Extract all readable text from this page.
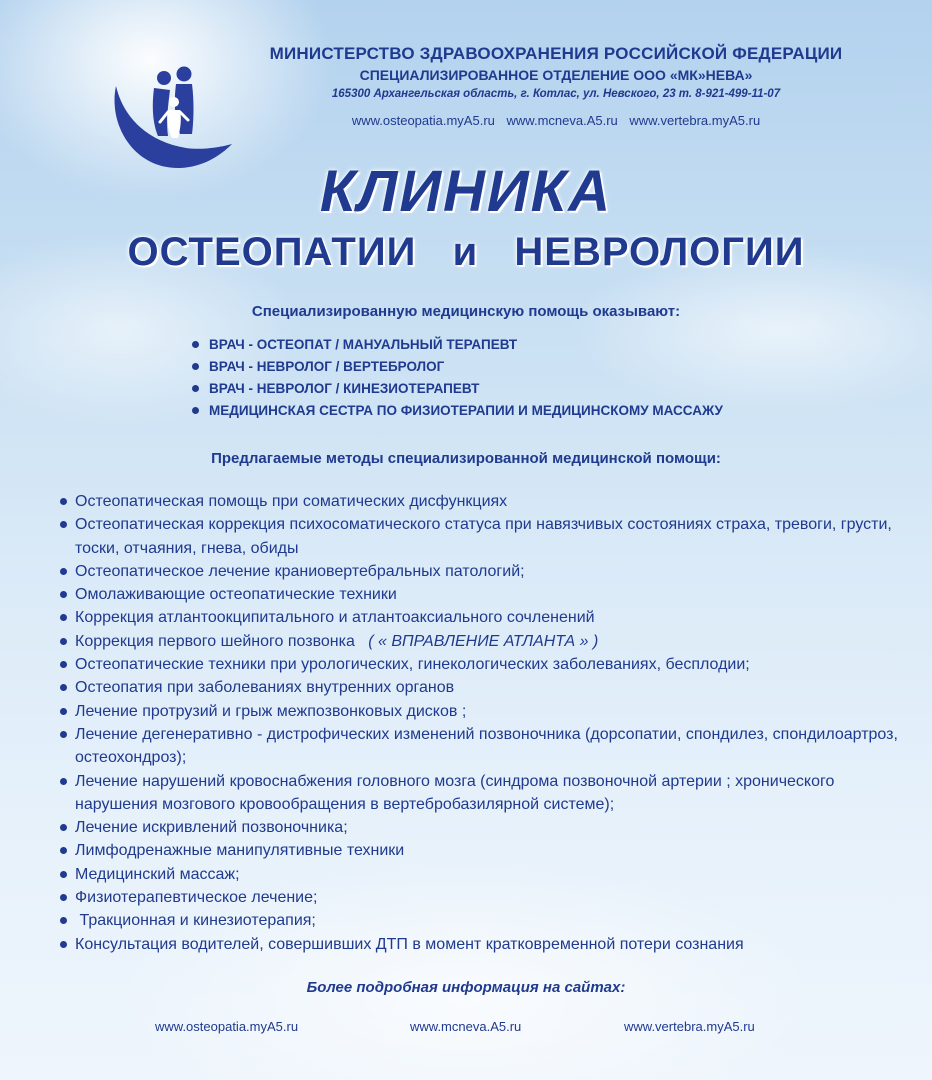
МИНИСТЕРСТВО ЗДРАВООХРАНЕНИЯ РОССИЙСКОЙ ФЕДЕРАЦИИ
СПЕЦИАЛИЗИРОВАННОЕ ОТДЕЛЕНИЕ ООО «МК»НЕВА»
165300 Архангельская область, г. Котлас, ул. Невского, 23 т. 8-921-499-11-07
www.osteopatia.myA5.ru www.mcneva.A5.ru www.vertebra.myA5.ru
КЛИНИКА
ОСТЕОПАТИИ  и  НЕВРОЛОГИИ
Специализированную медицинскую помощь оказывают:
ВРАЧ - ОСТЕОПАТ / МАНУАЛЬНЫЙ ТЕРАПЕВТ
ВРАЧ - НЕВРОЛОГ / ВЕРТЕБРОЛОГ
ВРАЧ - НЕВРОЛОГ / КИНЕЗИОТЕРАПЕВТ
МЕДИЦИНСКАЯ СЕСТРА ПО ФИЗИОТЕРАПИИ И МЕДИЦИНСКОМУ МАССАЖУ
Предлагаемые методы специализированной медицинской помощи:
Остеопатическая помощь при соматических дисфункциях
Остеопатическая коррекция психосоматического статуса при навязчивых состояниях страха, тревоги, грусти, тоски, отчаяния, гнева, обиды
Остеопатическое лечение краниовертебральных патологий;
Омолаживающие остеопатические техники
Коррекция атлантоокципитального и атлантоаксиального сочленений
Коррекция первого шейного позвонка ( « ВПРАВЛЕНИЕ АТЛАНТА » )
Остеопатические техники при урологических, гинекологических заболеваниях, бесплодии;
Остеопатия при заболеваниях внутренних органов
Лечение протрузий и грыж межпозвонковых дисков ;
Лечение дегенеративно - дистрофических изменений позвоночника (дорсопатии, спондилез, спондилоартроз, остеохондроз);
Лечение нарушений кровоснабжения головного мозга (синдрома позвоночной артерии ; хронического нарушения мозгового кровообращения в вертебробазилярной системе);
Лечение искривлений позвоночника;
Лимфодренажные манипулятивные техники
Медицинский массаж;
Физиотерапевтическое лечение;
Тракционная и кинезиотерапия;
Консультация водителей, совершивших ДТП в момент кратковременной потери сознания
Более подробная информация на сайтах:
www.osteopatia.myA5.ru	www.mcneva.A5.ru	www.vertebra.myA5.ru
